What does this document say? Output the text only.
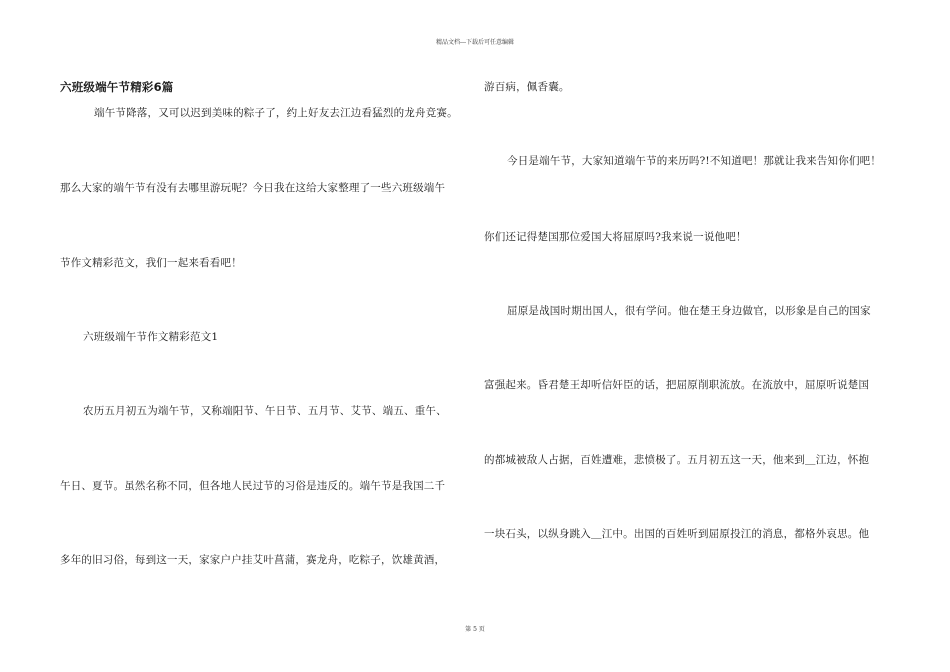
精品文档---下载后可任意编辑
六班级端午节精彩6篇
端午节降落，又可以迟到美味的粽子了，约上好友去江边看猛烈的龙舟竞赛。
那么大家的端午节有没有去哪里游玩呢？今日我在这给大家整理了一些六班级端午
节作文精彩范文，我们一起来看看吧！
六班级端午节作文精彩范文1
农历五月初五为端午节，又称端阳节、午日节、五月节、艾节、端五、重午、
午日、夏节。虽然名称不同，但各地人民过节的习俗是违反的。端午节是我国二千
多年的旧习俗，每到这一天，家家户户挂艾叶菖蒲，赛龙舟，吃粽子，饮雄黄酒，
游百病，佩香囊。
今日是端午节，大家知道端午节的来历吗?!不知道吧！那就让我来告知你们吧！
你们还记得楚国那位爱国大将屈原吗?我来说一说他吧！
屈原是战国时期出国人，很有学问。他在楚王身边做官，以形象是自己的国家
富强起来。昏君楚王却听信奸臣的话，把屈原削职流放。在流放中，屈原听说楚国
的都城被敌人占据，百姓遭难，悲愤极了。五月初五这一天，他来到＿江边，怀抱
一块石头，以纵身跳入＿江中。出国的百姓听到屈原投江的消息，都格外哀思。他
第 5 页
